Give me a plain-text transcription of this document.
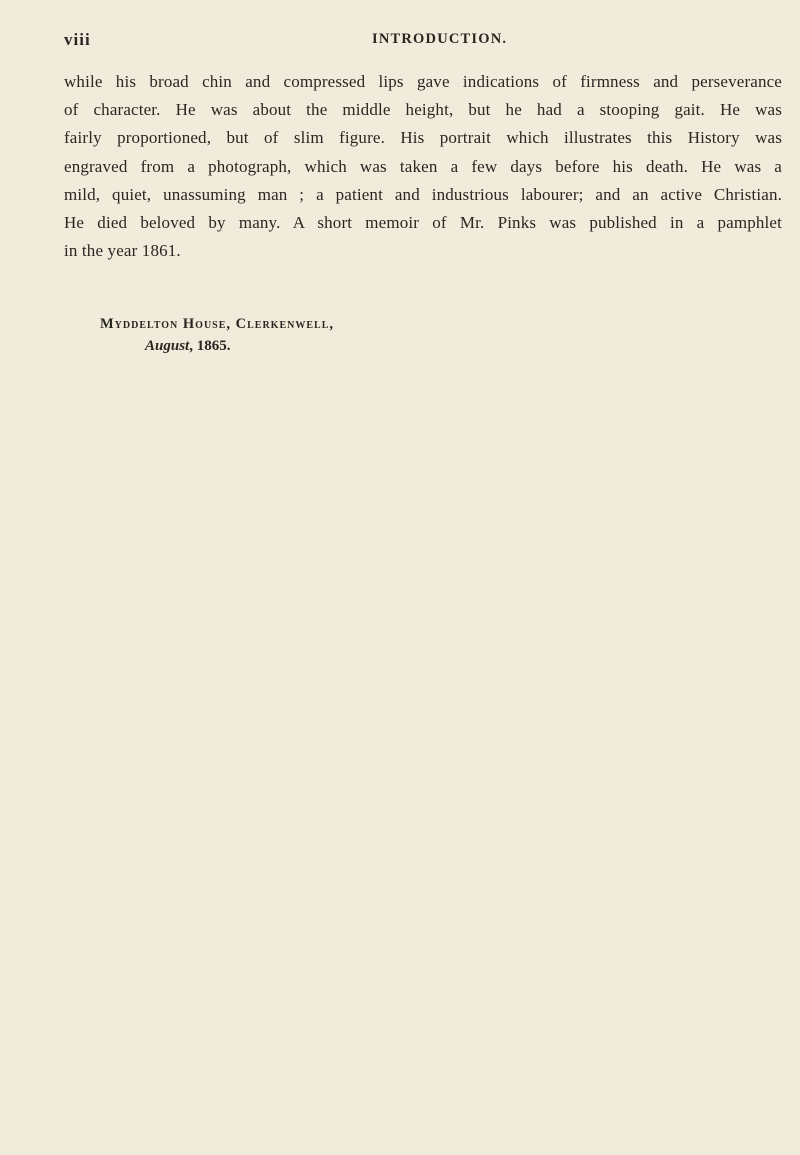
viii	INTRODUCTION.
while his broad chin and compressed lips gave indications of firmness and perseverance
of character. He was about the middle height, but he had a stooping gait. He was
fairly proportioned, but of slim figure. His portrait which illustrates this History was
engraved from a photograph, which was taken a few days before his death. He was a
mild, quiet, unassuming man ; a patient and industrious labourer; and an active Christian.
He died beloved by many. A short memoir of Mr. Pinks was published in a pamphlet
in the year 1861.
Myddelton House, Clerkenwell,
August, 1865.
